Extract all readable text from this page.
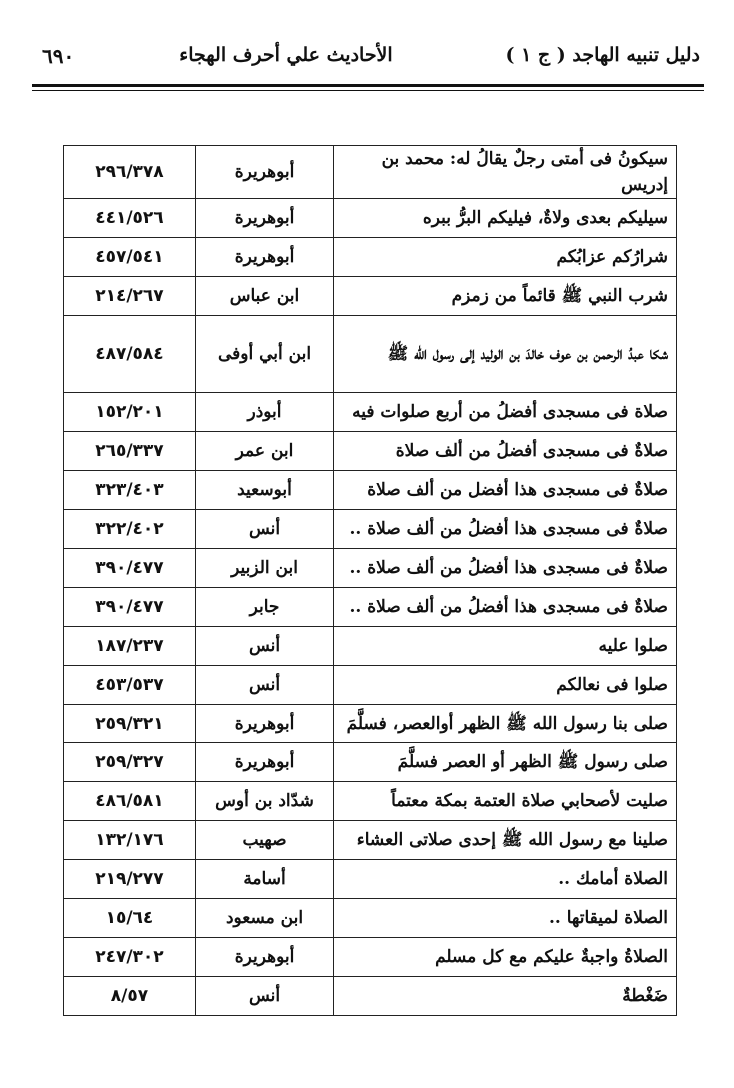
٦٩٠	الأحاديث علي أحرف الهجاء	دليل تنبيه الهاجد ( ج ١ )
سيكونُ فى أمتى رجلٌ يقالُ له: محمد بن إدريس	أبوهريرة	٢٩٦/٣٧٨
سيليكم بعدى ولاةٌ، فيليكم البرُّ ببره	أبوهريرة	٤٤١/٥٢٦
شرارُكم عزابُكم	أبوهريرة	٤٥٧/٥٤١
شرب النبي ﷺ قائماً من زمزم	ابن عباس	٢١٤/٢٦٧
شكا عبدُ الرحمن بن عوف خالدَ بن الوليد إلى رسول الله ﷺ	ابن أبي أوفى	٤٨٧/٥٨٤
صلاة فى مسجدى أفضلُ من أربع صلوات فيه	أبوذر	١٥٢/٢٠١
صلاةٌ فى مسجدى أفضلُ من ألف صلاة	ابن عمر	٢٦٥/٣٣٧
صلاةٌ فى مسجدى هذا أفضل من ألف صلاة	أبوسعيد	٣٢٣/٤٠٣
صلاةٌ فى مسجدى هذا أفضلُ من ألف صلاة ..	أنس	٣٢٢/٤٠٢
صلاةٌ فى مسجدى هذا أفضلُ من ألف صلاة ..	ابن الزبير	٣٩٠/٤٧٧
صلاةٌ فى مسجدى هذا أفضلُ من ألف صلاة ..	جابر	٣٩٠/٤٧٧
صلوا عليه	أنس	١٨٧/٢٣٧
صلوا فى نعالكم	أنس	٤٥٣/٥٣٧
صلى بنا رسول الله ﷺ الظهر أوالعصر، فسلَّمَ	أبوهريرة	٢٥٩/٣٢١
صلى رسول ﷺ الظهر أو العصر فسلَّمَ	أبوهريرة	٢٥٩/٣٢٧
صليت لأصحابي صلاة العتمة بمكة معتماً	شدّاد بن أوس	٤٨٦/٥٨١
صلينا مع رسول الله ﷺ إحدى صلاتى العشاء	صهيب	١٣٢/١٧٦
الصلاة أمامك ..	أسامة	٢١٩/٢٧٧
الصلاة لميقاتها ..	ابن مسعود	١٥/٦٤
الصلاةُ واجبةٌ عليكم مع كل مسلم	أبوهريرة	٢٤٧/٣٠٢
ضَغْطةٌ	أنس	٨/٥٧
